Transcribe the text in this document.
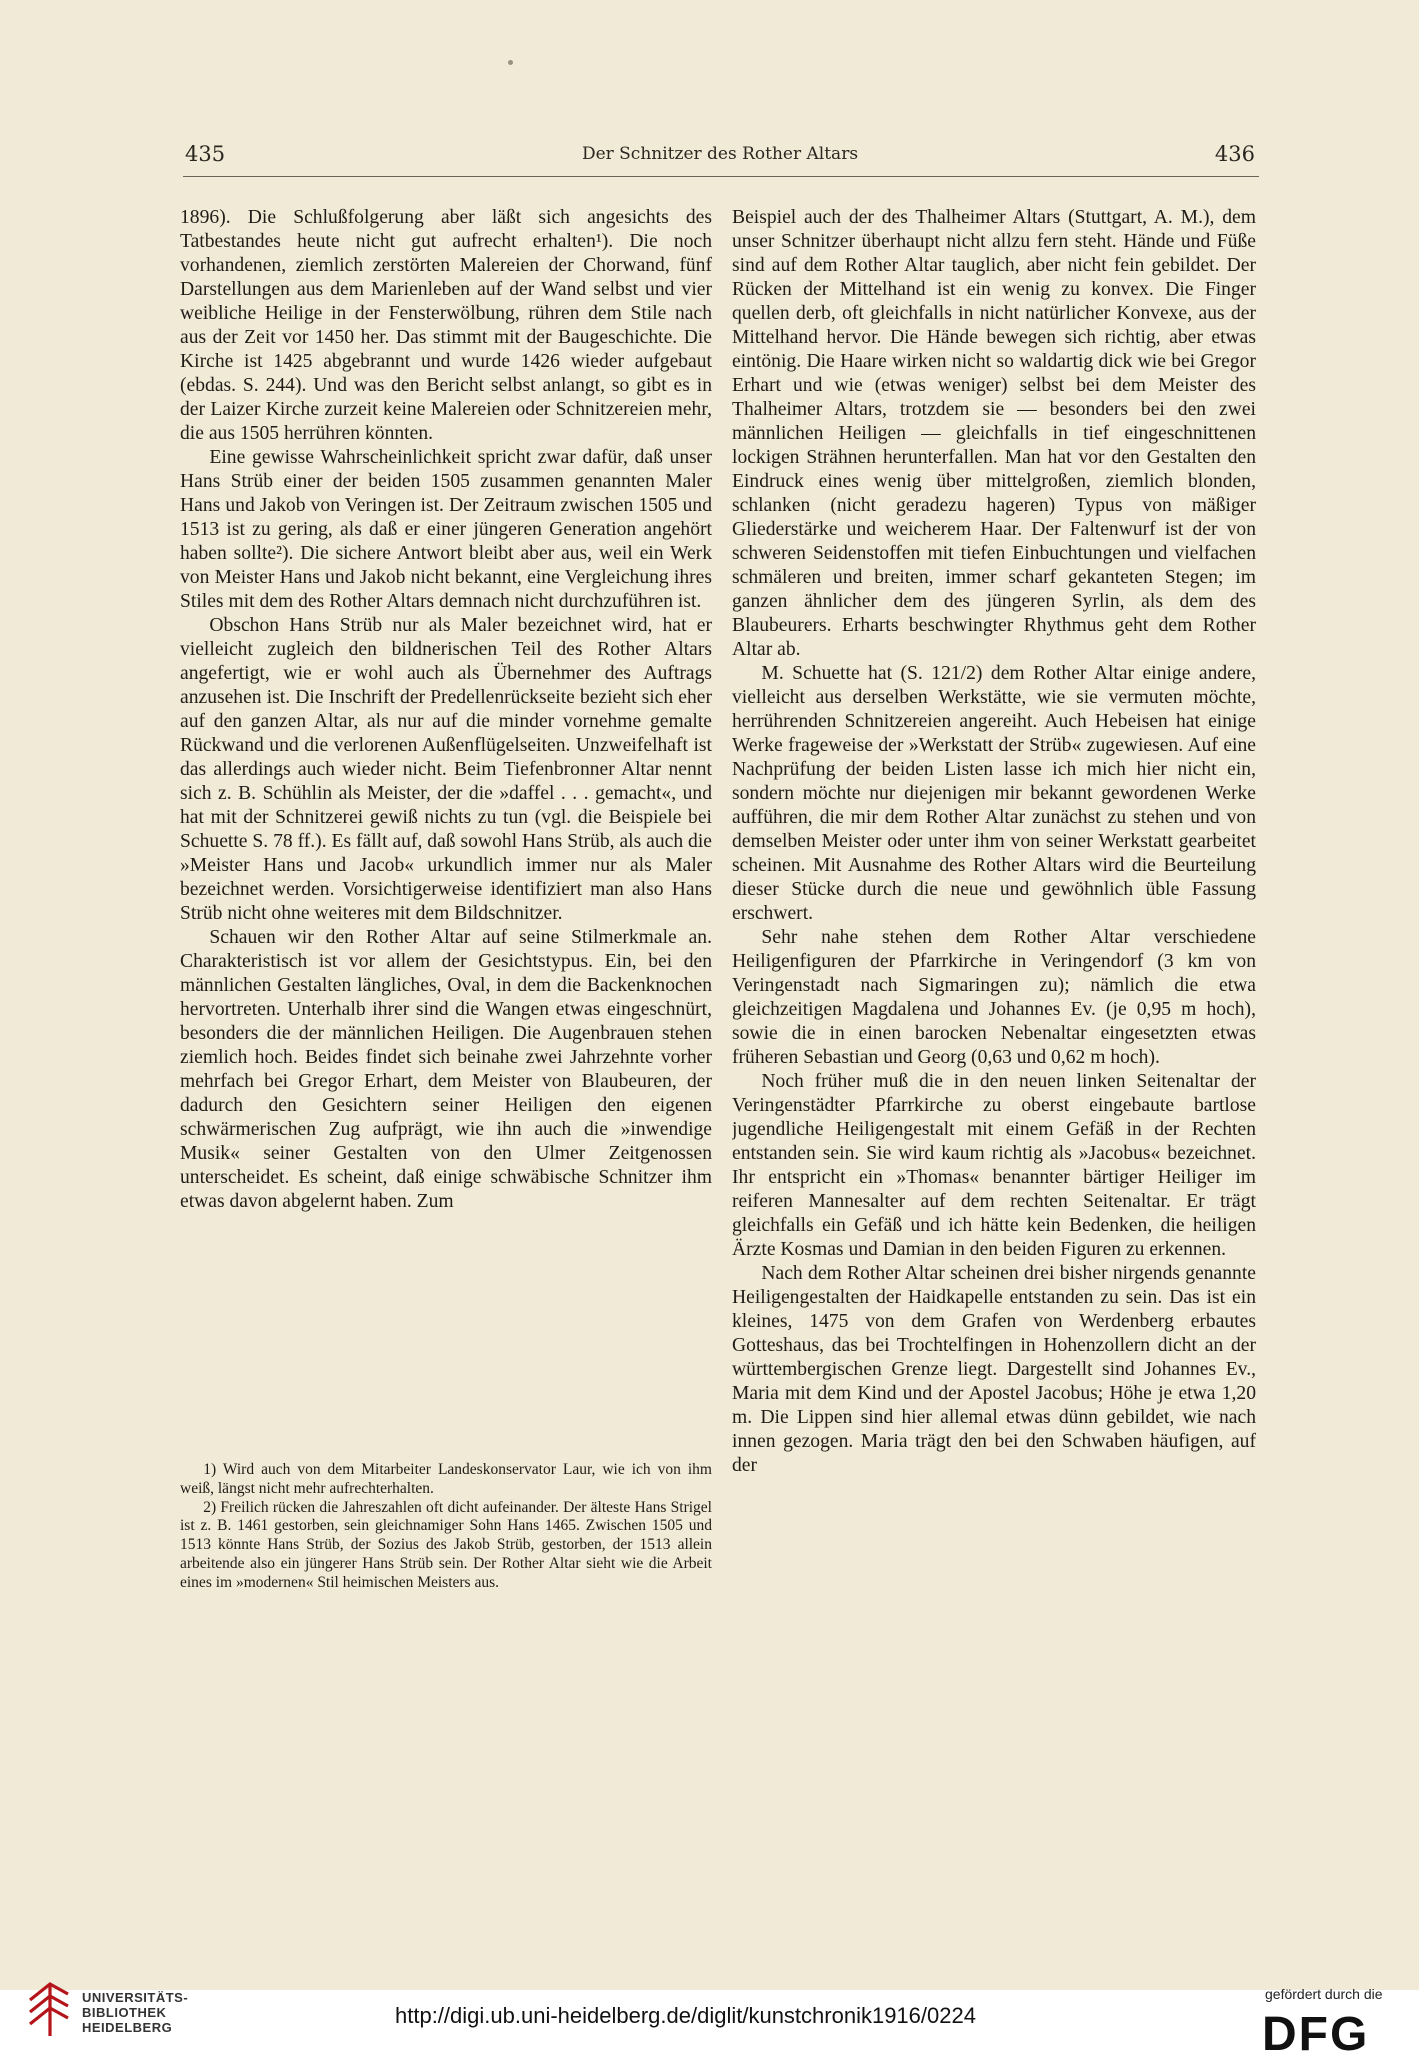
435	Der Schnitzer des Rother Altars	436

1896). Die Schlußfolgerung aber läßt sich angesichts des Tatbestandes heute nicht gut aufrecht erhalten¹). Die noch vorhandenen, ziemlich zerstörten Malereien der Chorwand, fünf Darstellungen aus dem Marienleben auf der Wand selbst und vier weibliche Heilige in der Fensterwölbung, rühren dem Stile nach aus der Zeit vor 1450 her. Das stimmt mit der Baugeschichte. Die Kirche ist 1425 abgebrannt und wurde 1426 wieder aufgebaut (ebdas. S. 244). Und was den Bericht selbst anlangt, so gibt es in der Laizer Kirche zurzeit keine Malereien oder Schnitzereien mehr, die aus 1505 herrühren könnten.

Eine gewisse Wahrscheinlichkeit spricht zwar dafür, daß unser Hans Strüb einer der beiden 1505 zusammen genannten Maler Hans und Jakob von Veringen ist. Der Zeitraum zwischen 1505 und 1513 ist zu gering, als daß er einer jüngeren Generation angehört haben sollte²). Die sichere Antwort bleibt aber aus, weil ein Werk von Meister Hans und Jakob nicht bekannt, eine Vergleichung ihres Stiles mit dem des Rother Altars demnach nicht durchzuführen ist.

Obschon Hans Strüb nur als Maler bezeichnet wird, hat er vielleicht zugleich den bildnerischen Teil des Rother Altars angefertigt, wie er wohl auch als Übernehmer des Auftrags anzusehen ist. Die Inschrift der Predellenrückseite bezieht sich eher auf den ganzen Altar, als nur auf die minder vornehme gemalte Rückwand und die verlorenen Außenflügelseiten. Unzweifelhaft ist das allerdings auch wieder nicht. Beim Tiefenbronner Altar nennt sich z. B. Schühlin als Meister, der die »daffel . . . gemacht«, und hat mit der Schnitzerei gewiß nichts zu tun (vgl. die Beispiele bei Schuette S. 78 ff.). Es fällt auf, daß sowohl Hans Strüb, als auch die »Meister Hans und Jacob« urkundlich immer nur als Maler bezeichnet werden. Vorsichtigerweise identifiziert man also Hans Strüb nicht ohne weiteres mit dem Bildschnitzer.

Schauen wir den Rother Altar auf seine Stilmerkmale an. Charakteristisch ist vor allem der Gesichtstypus. Ein, bei den männlichen Gestalten längliches, Oval, in dem die Backenknochen hervortreten. Unterhalb ihrer sind die Wangen etwas eingeschnürt, besonders die der männlichen Heiligen. Die Augenbrauen stehen ziemlich hoch. Beides findet sich beinahe zwei Jahrzehnte vorher mehrfach bei Gregor Erhart, dem Meister von Blaubeuren, der dadurch den Gesichtern seiner Heiligen den eigenen schwärmerischen Zug aufprägt, wie ihn auch die »inwendige Musik« seiner Gestalten von den Ulmer Zeitgenossen unterscheidet. Es scheint, daß einige schwäbische Schnitzer ihm etwas davon abgelernt haben. Zum

1) Wird auch von dem Mitarbeiter Landeskonservator Laur, wie ich von ihm weiß, längst nicht mehr aufrechterhalten.

2) Freilich rücken die Jahreszahlen oft dicht aufeinander. Der älteste Hans Strigel ist z. B. 1461 gestorben, sein gleichnamiger Sohn Hans 1465. Zwischen 1505 und 1513 könnte Hans Strüb, der Sozius des Jakob Strüb, gestorben, der 1513 allein arbeitende also ein jüngerer Hans Strüb sein. Der Rother Altar sieht wie die Arbeit eines im »modernen« Stil heimischen Meisters aus.

Beispiel auch der des Thalheimer Altars (Stuttgart, A. M.), dem unser Schnitzer überhaupt nicht allzu fern steht. Hände und Füße sind auf dem Rother Altar tauglich, aber nicht fein gebildet. Der Rücken der Mittelhand ist ein wenig zu konvex. Die Finger quellen derb, oft gleichfalls in nicht natürlicher Konvexe, aus der Mittelhand hervor. Die Hände bewegen sich richtig, aber etwas eintönig. Die Haare wirken nicht so waldartig dick wie bei Gregor Erhart und wie (etwas weniger) selbst bei dem Meister des Thalheimer Altars, trotzdem sie — besonders bei den zwei männlichen Heiligen — gleichfalls in tief eingeschnittenen lockigen Strähnen herunterfallen. Man hat vor den Gestalten den Eindruck eines wenig über mittelgroßen, ziemlich blonden, schlanken (nicht geradezu hageren) Typus von mäßiger Gliederstärke und weicherem Haar. Der Faltenwurf ist der von schweren Seidenstoffen mit tiefen Einbuchtungen und vielfachen schmäleren und breiten, immer scharf gekanteten Stegen; im ganzen ähnlicher dem des jüngeren Syrlin, als dem des Blaubeurers. Erharts beschwingter Rhythmus geht dem Rother Altar ab.

M. Schuette hat (S. 121/2) dem Rother Altar einige andere, vielleicht aus derselben Werkstätte, wie sie vermuten möchte, herrührenden Schnitzereien angereiht. Auch Hebeisen hat einige Werke frageweise der »Werkstatt der Strüb« zugewiesen. Auf eine Nachprüfung der beiden Listen lasse ich mich hier nicht ein, sondern möchte nur diejenigen mir bekannt gewordenen Werke aufführen, die mir dem Rother Altar zunächst zu stehen und von demselben Meister oder unter ihm von seiner Werkstatt gearbeitet scheinen. Mit Ausnahme des Rother Altars wird die Beurteilung dieser Stücke durch die neue und gewöhnlich üble Fassung erschwert.

Sehr nahe stehen dem Rother Altar verschiedene Heiligenfiguren der Pfarrkirche in Veringendorf (3 km von Veringenstadt nach Sigmaringen zu); nämlich die etwa gleichzeitigen Magdalena und Johannes Ev. (je 0,95 m hoch), sowie die in einen barocken Nebenaltar eingesetzten etwas früheren Sebastian und Georg (0,63 und 0,62 m hoch).

Noch früher muß die in den neuen linken Seitenaltar der Veringenstädter Pfarrkirche zu oberst eingebaute bartlose jugendliche Heiligengestalt mit einem Gefäß in der Rechten entstanden sein. Sie wird kaum richtig als »Jacobus« bezeichnet. Ihr entspricht ein »Thomas« benannter bärtiger Heiliger im reiferen Mannesalter auf dem rechten Seitenaltar. Er trägt gleichfalls ein Gefäß und ich hätte kein Bedenken, die heiligen Ärzte Kosmas und Damian in den beiden Figuren zu erkennen.

Nach dem Rother Altar scheinen drei bisher nirgends genannte Heiligengestalten der Haidkapelle entstanden zu sein. Das ist ein kleines, 1475 von dem Grafen von Werdenberg erbautes Gotteshaus, das bei Trochtelfingen in Hohenzollern dicht an der württembergischen Grenze liegt. Dargestellt sind Johannes Ev., Maria mit dem Kind und der Apostel Jacobus; Höhe je etwa 1,20 m. Die Lippen sind hier allemal etwas dünn gebildet, wie nach innen gezogen. Maria trägt den bei den Schwaben häufigen, auf der

UNIVERSITÄTS-
BIBLIOTHEK
HEIDELBERG	http://digi.ub.uni-heidelberg.de/diglit/kunstchronik1916/0224
gefördert durch die
DFG
